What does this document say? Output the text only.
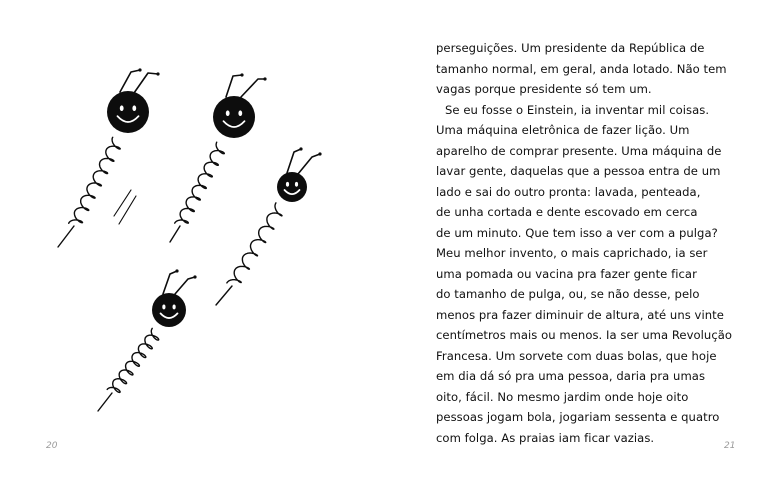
20
perseguições. Um presidente da República de
tamanho normal, em geral, anda lotado. Não tem
vagas porque presidente só tem um.
Se eu fosse o Einstein, ia inventar mil coisas.
Uma máquina eletrônica de fazer lição. Um
aparelho de comprar presente. Uma máquina de
lavar gente, daquelas que a pessoa entra de um
lado e sai do outro pronta: lavada, penteada,
de unha cortada e dente escovado em cerca
de um minuto. Que tem isso a ver com a pulga?
Meu melhor invento, o mais caprichado, ia ser
uma pomada ou vacina pra fazer gente ficar
do tamanho de pulga, ou, se não desse, pelo
menos pra fazer diminuir de altura, até uns vinte
centímetros mais ou menos. Ia ser uma Revolução
Francesa. Um sorvete com duas bolas, que hoje
em dia dá só pra uma pessoa, daria pra umas
oito, fácil. No mesmo jardim onde hoje oito
pessoas jogam bola, jogariam sessenta e quatro
com folga. As praias iam ficar vazias.
21
